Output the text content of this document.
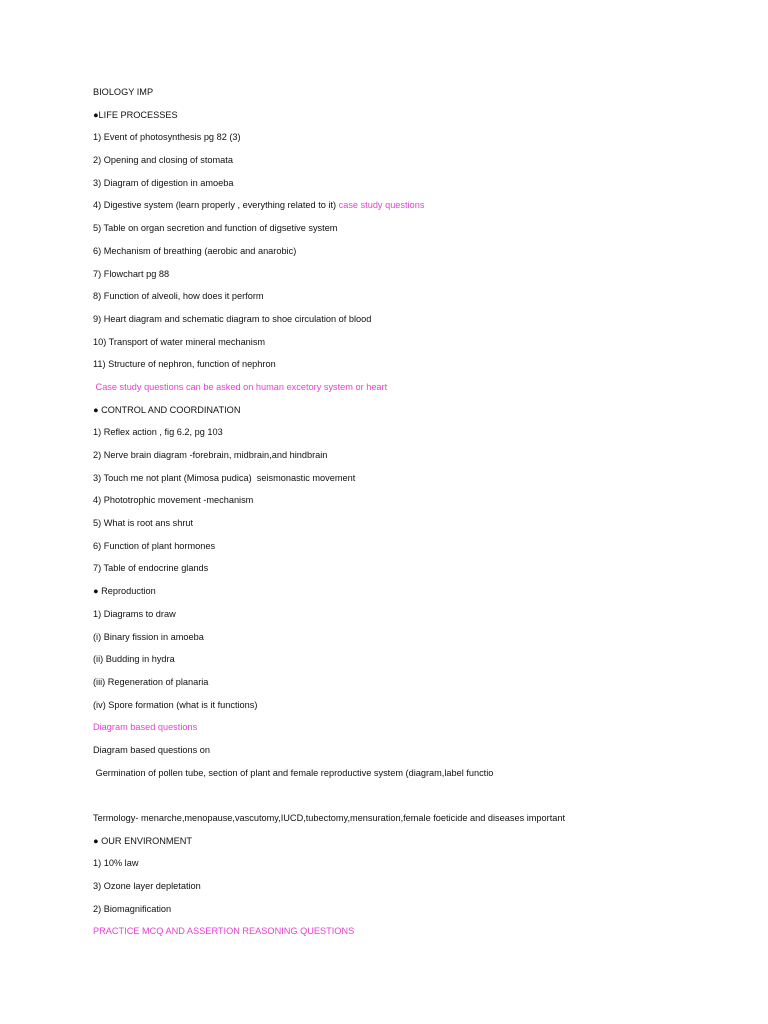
BIOLOGY IMP
●LIFE PROCESSES
1) Event of photosynthesis pg 82 (3)
2) Opening and closing of stomata
3) Diagram of digestion in amoeba
4) Digestive system (learn properly , everything related to it) case study questions
5) Table on organ secretion and function of digsetive system
6) Mechanism of breathing (aerobic and anarobic)
7) Flowchart pg 88
8) Function of alveoli, how does it perform
9) Heart diagram and schematic diagram to shoe circulation of blood
10) Transport of water mineral mechanism
11) Structure of nephron, function of nephron
Case study questions can be asked on human excetory system or heart
● CONTROL AND COORDINATION
1) Reflex action , fig 6.2, pg 103
2) Nerve brain diagram -forebrain, midbrain,and hindbrain
3) Touch me not plant (Mimosa pudica)  seismonastic movement
4) Phototrophic movement -mechanism
5) What is root ans shrut
6) Function of plant hormones
7) Table of endocrine glands
● Reproduction
1) Diagrams to draw
(i) Binary fission in amoeba
(ii) Budding in hydra
(iii) Regeneration of planaria
(iv) Spore formation (what is it functions)
Diagram based questions
Diagram based questions on
Germination of pollen tube, section of plant and female reproductive system (diagram,label functio
Termology- menarche,menopause,vascutomy,IUCD,tubectomy,mensuration,female foeticide and diseases important
● OUR ENVIRONMENT
1) 10% law
3) Ozone layer depletation
2) Biomagnification
PRACTICE MCQ AND ASSERTION REASONING QUESTIONS
